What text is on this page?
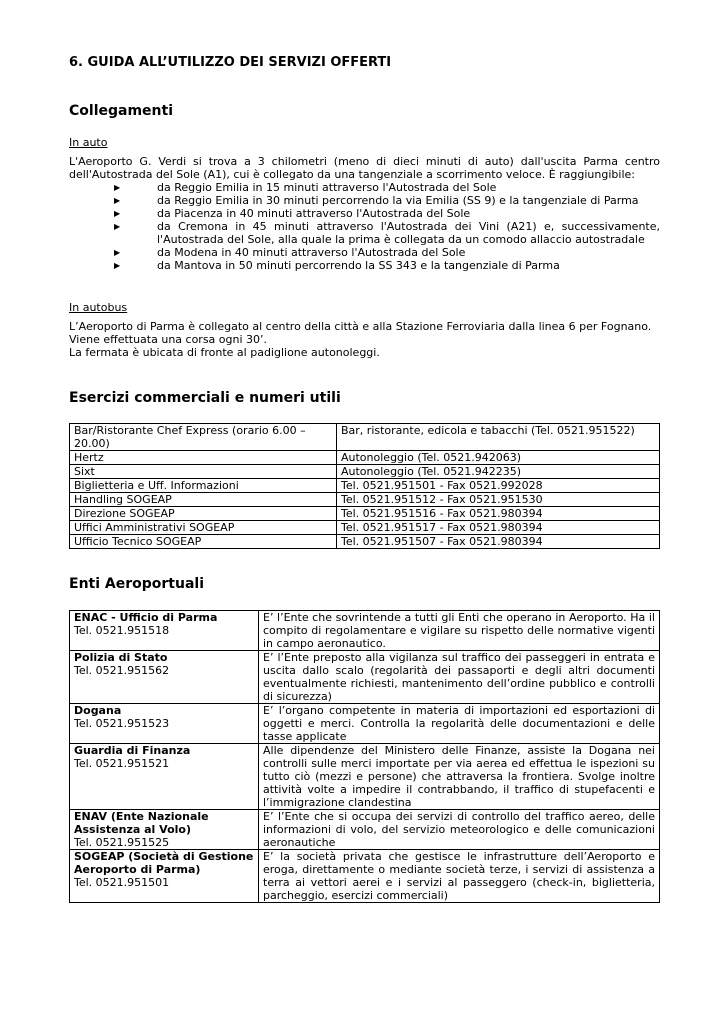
6. GUIDA ALL’UTILIZZO DEI SERVIZI OFFERTI
Collegamenti
In auto
L'Aeroporto G. Verdi si trova a 3 chilometri (meno di dieci minuti di auto) dall'uscita Parma centro dell'Autostrada del Sole (A1), cui è collegato da una tangenziale a scorrimento veloce. È raggiungibile:
▶	da Reggio Emilia in 15 minuti attraverso l'Autostrada del Sole
▶	da Reggio Emilia in 30 minuti percorrendo la via Emilia (SS 9) e la tangenziale di Parma
▶	da Piacenza in 40 minuti attraverso l'Autostrada del Sole
▶	da Cremona in 45 minuti attraverso l'Autostrada dei Vini (A21) e, successivamente, l'Autostrada del Sole, alla quale la prima è collegata da un comodo allaccio autostradale
▶	da Modena in 40 minuti attraverso l'Autostrada del Sole
▶	da Mantova in 50 minuti percorrendo la SS 343 e la tangenziale di Parma
In autobus

L’Aeroporto di Parma è collegato al centro della città e alla Stazione Ferroviaria dalla linea 6 per Fognano.

Viene effettuata una corsa ogni 30’.

La fermata è ubicata di fronte al padiglione autonoleggi.

Esercizi commerciali e numeri utili
Bar/Ristorante Chef Express (orario 6.00 – 20.00)	Bar, ristorante, edicola e tabacchi (Tel. 0521.951522)
Hertz	Autonoleggio (Tel. 0521.942063)
Sixt	Autonoleggio (Tel. 0521.942235)
Biglietteria e Uff. Informazioni	Tel. 0521.951501 - Fax 0521.992028
Handling SOGEAP	Tel. 0521.951512 - Fax 0521.951530
Direzione SOGEAP	Tel. 0521.951516 - Fax 0521.980394
Uffici Amministrativi SOGEAP	Tel. 0521.951517 - Fax 0521.980394
Ufficio Tecnico SOGEAP	Tel. 0521.951507 - Fax 0521.980394
Enti Aeroportuali
ENAC - Ufficio di Parma
Tel. 0521.951518	E’ l’Ente che sovrintende a tutti gli Enti che operano in Aeroporto. Ha il compito di regolamentare e vigilare su rispetto delle normative vigenti in campo aeronautico.

Polizia di Stato
Tel. 0521.951562	E’ l’Ente preposto alla vigilanza sul traffico dei passeggeri in entrata e uscita dallo scalo (regolarità dei passaporti e degli altri documenti eventualmente richiesti, mantenimento dell’ordine pubblico e controlli di sicurezza)

Dogana
Tel. 0521.951523	E’ l’organo competente in materia di importazioni ed esportazioni di oggetti e merci. Controlla la regolarità delle documentazioni e delle tasse applicate

Guardia di Finanza
Tel. 0521.951521	Alle dipendenze del Ministero delle Finanze, assiste la Dogana nei controlli sulle merci importate per via aerea ed effettua le ispezioni su tutto ciò (mezzi e persone) che attraversa la frontiera. Svolge inoltre attività volte a impedire il contrabbando, il traffico di stupefacenti e l’immigrazione clandestina

ENAV (Ente Nazionale Assistenza al Volo)
Tel. 0521.951525	E’ l’Ente che si occupa dei servizi di controllo del traffico aereo, delle informazioni di volo, del servizio meteorologico e delle comunicazioni aeronautiche

SOGEAP (Società di Gestione Aeroporto di Parma)
Tel. 0521.951501	E’ la società privata che gestisce le infrastrutture dell’Aeroporto e eroga, direttamente o mediante società terze, i servizi di assistenza a terra ai vettori aerei e i servizi al passeggero (check-in, biglietteria, parcheggio, esercizi commerciali)
